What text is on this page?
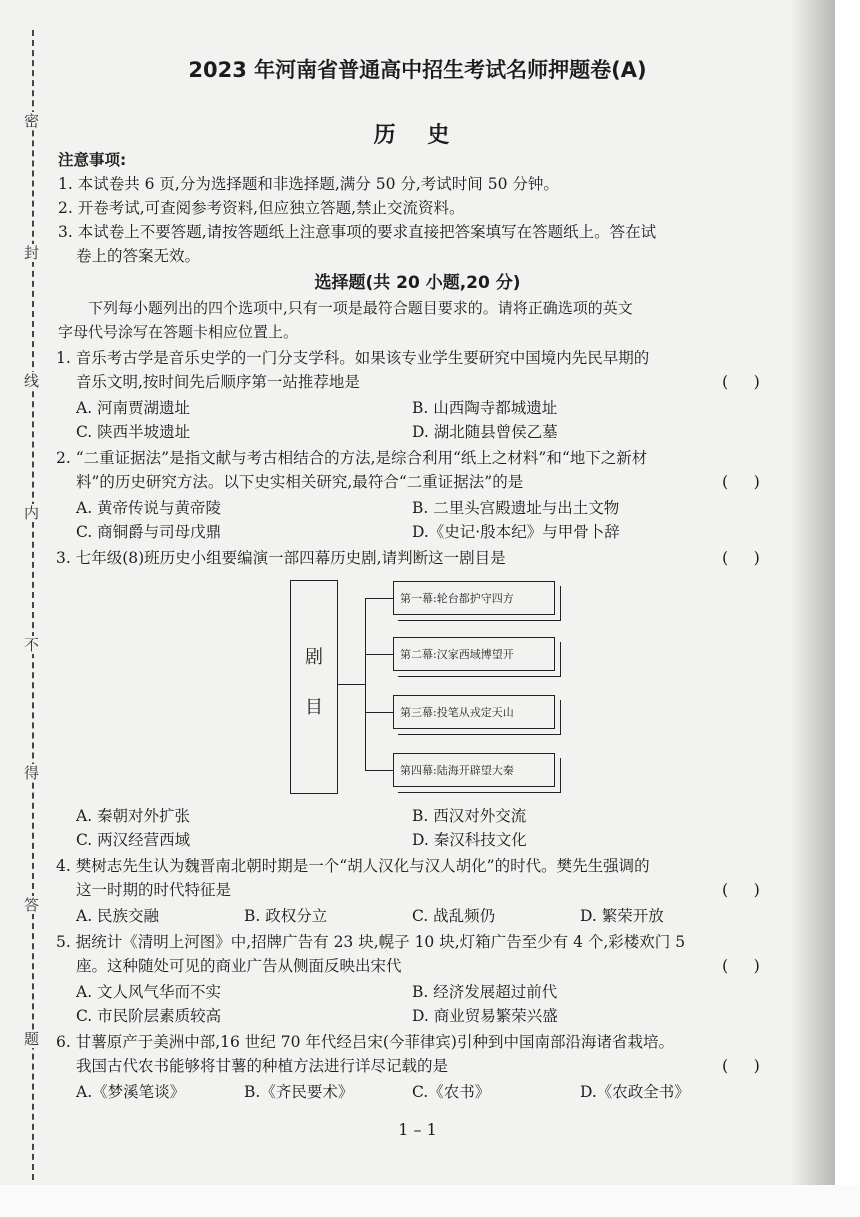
密
封
线
内
不
得
答
题
2023 年河南省普通高中招生考试名师押题卷(A)
历 史
注意事项:
1. 本试卷共 6 页,分为选择题和非选择题,满分 50 分,考试时间 50 分钟。
2. 开卷考试,可查阅参考资料,但应独立答题,禁止交流资料。
3. 本试卷上不要答题,请按答题纸上注意事项的要求直接把答案填写在答题纸上。答在试
卷上的答案无效。
选择题(共 20 小题,20 分)
下列每小题列出的四个选项中,只有一项是最符合题目要求的。请将正确选项的英文
字母代号涂写在答题卡相应位置上。
1. 音乐考古学是音乐史学的一门分支学科。如果该专业学生要研究中国境内先民早期的
音乐文明,按时间先后顺序第一站推荐地是	(     )
A. 河南贾湖遗址	B. 山西陶寺都城遗址
C. 陕西半坡遗址	D. 湖北随县曾侯乙墓
2. “二重证据法”是指文献与考古相结合的方法,是综合利用“纸上之材料”和“地下之新材
料”的历史研究方法。以下史实相关研究,最符合“二重证据法”的是	(     )
A. 黄帝传说与黄帝陵	B. 二里头宫殿遗址与出土文物
C. 商铜爵与司母戊鼎	D.《史记·殷本纪》与甲骨卜辞
3. 七年级(8)班历史小组要编演一部四幕历史剧,请判断这一剧目是	(     )
剧
目
第一幕:轮台都护守四方
第二幕:汉家西域博望开
第三幕:投笔从戎定天山
第四幕:陆海开辟望大秦
A. 秦朝对外扩张	B. 西汉对外交流
C. 两汉经营西域	D. 秦汉科技文化
4. 樊树志先生认为魏晋南北朝时期是一个“胡人汉化与汉人胡化”的时代。樊先生强调的
这一时期的时代特征是	(     )
A. 民族交融	B. 政权分立	C. 战乱频仍	D. 繁荣开放
5. 据统计《清明上河图》中,招牌广告有 23 块,幌子 10 块,灯箱广告至少有 4 个,彩楼欢门 5
座。这种随处可见的商业广告从侧面反映出宋代	(     )
A. 文人风气华而不实	B. 经济发展超过前代
C. 市民阶层素质较高	D. 商业贸易繁荣兴盛
6. 甘薯原产于美洲中部,16 世纪 70 年代经吕宋(今菲律宾)引种到中国南部沿海诸省栽培。
我国古代农书能够将甘薯的种植方法进行详尽记载的是	(     )
A.《梦溪笔谈》	B.《齐民要术》	C.《农书》	D.《农政全书》
1 – 1
